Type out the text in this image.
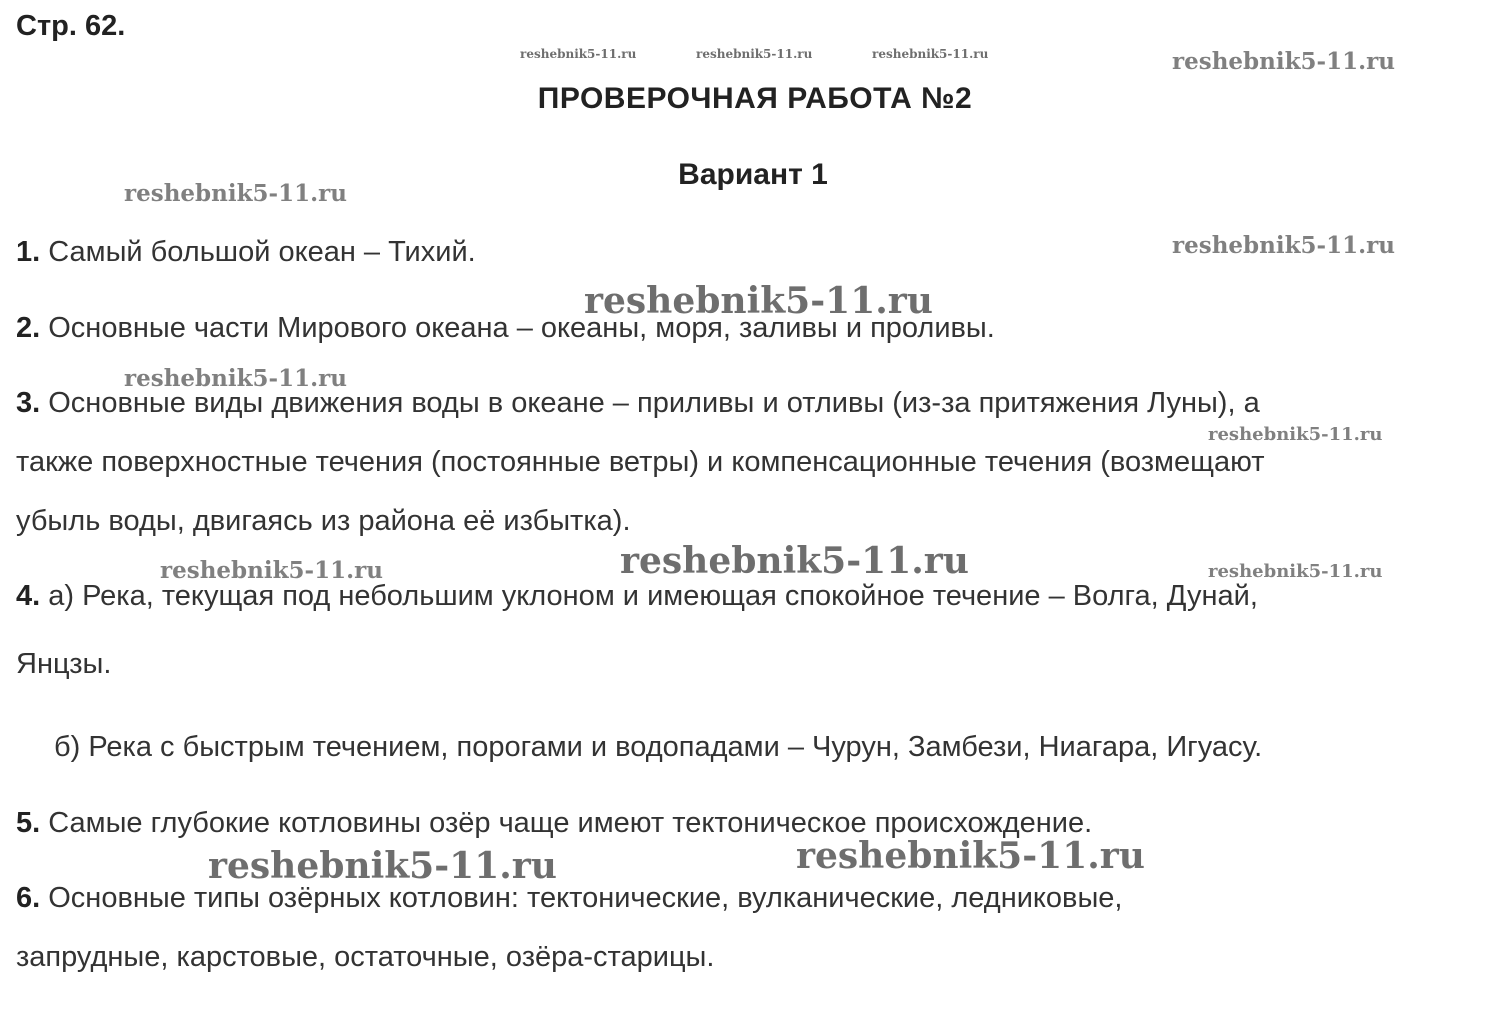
Стр. 62.
ПРОВЕРОЧНАЯ РАБОТА №2
Вариант 1
1. Самый большой океан – Тихий.
2. Основные части Мирового океана – океаны, моря, заливы и проливы.
3. Основные виды движения воды в океане – приливы и отливы (из-за притяжения Луны), а
также поверхностные течения (постоянные ветры) и компенсационные течения (возмещают
убыль воды, двигаясь из района её избытка).
4. а) Река, текущая под небольшим уклоном и имеющая спокойное течение – Волга, Дунай,
Янцзы.
б) Река с быстрым течением, порогами и водопадами – Чурун, Замбези, Ниагара, Игуасу.
5. Самые глубокие котловины озёр чаще имеют тектоническое происхождение.
6. Основные типы озёрных котловин: тектонические, вулканические, ледниковые,
запрудные, карстовые, остаточные, озёра-старицы.
reshebnik5-11.ru	reshebnik5-11.ru	reshebnik5-11.ru	reshebnik5-11.ru
reshebnik5-11.ru
reshebnik5-11.ru
reshebnik5-11.ru
reshebnik5-11.ru
reshebnik5-11.ru
reshebnik5-11.ru
reshebnik5-11.ru	reshebnik5-11.ru
reshebnik5-11.ru	reshebnik5-11.ru
